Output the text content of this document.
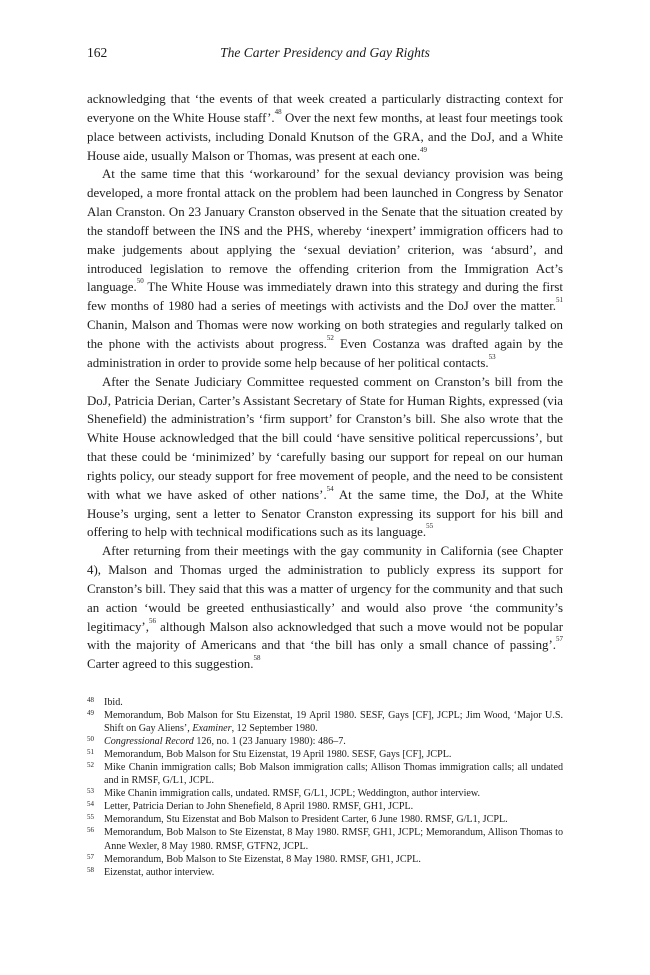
162	The Carter Presidency and Gay Rights

acknowledging that ‘the events of that week created a particularly distracting context for everyone on the White House staff’.$^{48}$ Over the next few months, at least four meetings took place between activists, including Donald Knutson of the GRA, and the DoJ, and a White House aide, usually Malson or Thomas, was present at each one.$^{49}$

At the same time that this ‘workaround’ for the sexual deviancy provision was being developed, a more frontal attack on the problem had been launched in Congress by Senator Alan Cranston. On 23 January Cranston observed in the Senate that the situation created by the standoff between the INS and the PHS, whereby ‘inexpert’ immigration officers had to make judgements about applying the ‘sexual deviation’ criterion, was ‘absurd’, and introduced legislation to remove the offending criterion from the Immigration Act’s language.$^{50}$ The White House was immediately drawn into this strategy and during the first few months of 1980 had a series of meetings with activists and the DoJ over the matter.$^{51}$ Chanin, Malson and Thomas were now working on both strategies and regularly talked on the phone with the activists about progress.$^{52}$ Even Costanza was drafted again by the administration in order to provide some help because of her political contacts.$^{53}$

After the Senate Judiciary Committee requested comment on Cranston’s bill from the DoJ, Patricia Derian, Carter’s Assistant Secretary of State for Human Rights, expressed (via Shenefield) the administration’s ‘firm support’ for Cranston’s bill. She also wrote that the White House acknowledged that the bill could ‘have sensitive political repercussions’, but that these could be ‘minimized’ by ‘carefully basing our support for repeal on our human rights policy, our steady support for free movement of people, and the need to be consistent with what we have asked of other nations’.$^{54}$ At the same time, the DoJ, at the White House’s urging, sent a letter to Senator Cranston expressing its support for his bill and offering to help with technical modifications such as its language.$^{55}$

After returning from their meetings with the gay community in California (see Chapter 4), Malson and Thomas urged the administration to publicly express its support for Cranston’s bill. They said that this was a matter of urgency for the community and that such an action ‘would be greeted enthusiastically’ and would also prove ‘the community’s legitimacy’,$^{56}$ although Malson also acknowledged that such a move would not be popular with the majority of Americans and that ‘the bill has only a small chance of passing’.$^{57}$ Carter agreed to this suggestion.$^{58}$

48 Ibid.
49 Memorandum, Bob Malson for Stu Eizenstat, 19 April 1980. SESF, Gays [CF], JCPL; Jim Wood, ‘Major U.S. Shift on Gay Aliens’, Examiner, 12 September 1980.
50 Congressional Record 126, no. 1 (23 January 1980): 486–7.
51 Memorandum, Bob Malson for Stu Eizenstat, 19 April 1980. SESF, Gays [CF], JCPL.
52 Mike Chanin immigration calls; Bob Malson immigration calls; Allison Thomas immigration calls; all undated and in RMSF, G/L1, JCPL.
53 Mike Chanin immigration calls, undated. RMSF, G/L1, JCPL; Weddington, author interview.
54 Letter, Patricia Derian to John Shenefield, 8 April 1980. RMSF, GH1, JCPL.
55 Memorandum, Stu Eizenstat and Bob Malson to President Carter, 6 June 1980. RMSF, G/L1, JCPL.
56 Memorandum, Bob Malson to Ste Eizenstat, 8 May 1980. RMSF, GH1, JCPL; Memorandum, Allison Thomas to Anne Wexler, 8 May 1980. RMSF, GTFN2, JCPL.
57 Memorandum, Bob Malson to Ste Eizenstat, 8 May 1980. RMSF, GH1, JCPL.
58 Eizenstat, author interview.
